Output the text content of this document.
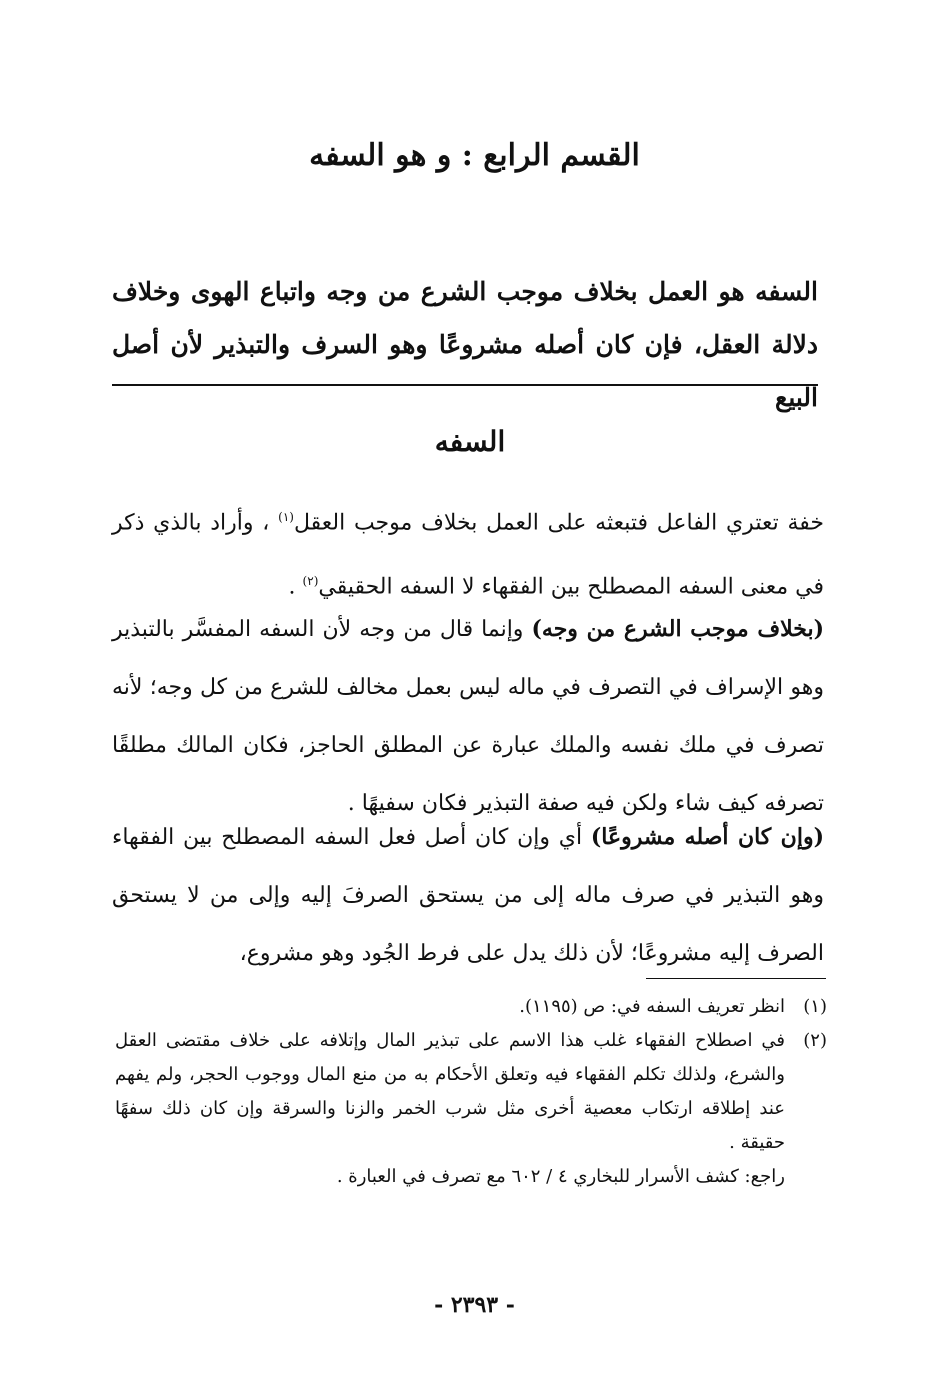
القسم الرابع : و هو السفه
السفه هو العمل بخلاف موجب الشرع من وجه واتباع الهوى وخلاف
دلالة العقل، فإن كان أصله مشروعًا وهو السرف والتبذير لأن أصل البيع
السفه

خفة تعتري الفاعل فتبعثه على العمل بخلاف موجب العقل$^{(١)}$ ، وأراد بالذي ذكر في معنى السفه المصطلح بين الفقهاء لا السفه الحقيقي$^{(٢)}$ .

(بخلاف موجب الشرع من وجه) وإنما قال من وجه لأن السفه المفسَّر بالتبذير وهو الإسراف في التصرف في ماله ليس بعمل مخالف للشرع من كل وجه؛ لأنه تصرف في ملك نفسه والملك عبارة عن المطلق الحاجز، فكان المالك مطلقًا تصرفه كيف شاء ولكن فيه صفة التبذير فكان سفيهًا .

(وإن كان أصله مشروعًا) أي وإن كان أصل فعل السفه المصطلح بين الفقهاء وهو التبذير في صرف ماله إلى من يستحق الصرفَ إليه وإلى من لا يستحق الصرف إليه مشروعًا؛ لأن ذلك يدل على فرط الجُود وهو مشروع،

(١)
انظر تعريف السفه في: ص (١١٩٥).
(٢)
في اصطلاح الفقهاء غلب هذا الاسم على تبذير المال وإتلافه على خلاف مقتضى العقل والشرع، ولذلك تكلم الفقهاء فيه وتعلق الأحكام به من منع المال ووجوب الحجر، ولم يفهم عند إطلاقه ارتكاب معصية أخرى مثل شرب الخمر والزنا والسرقة وإن كان ذلك سفهًا حقيقة .
راجع: كشف الأسرار للبخاري ٤ / ٦٠٢ مع تصرف في العبارة .
- ٢٣٩٣ -
